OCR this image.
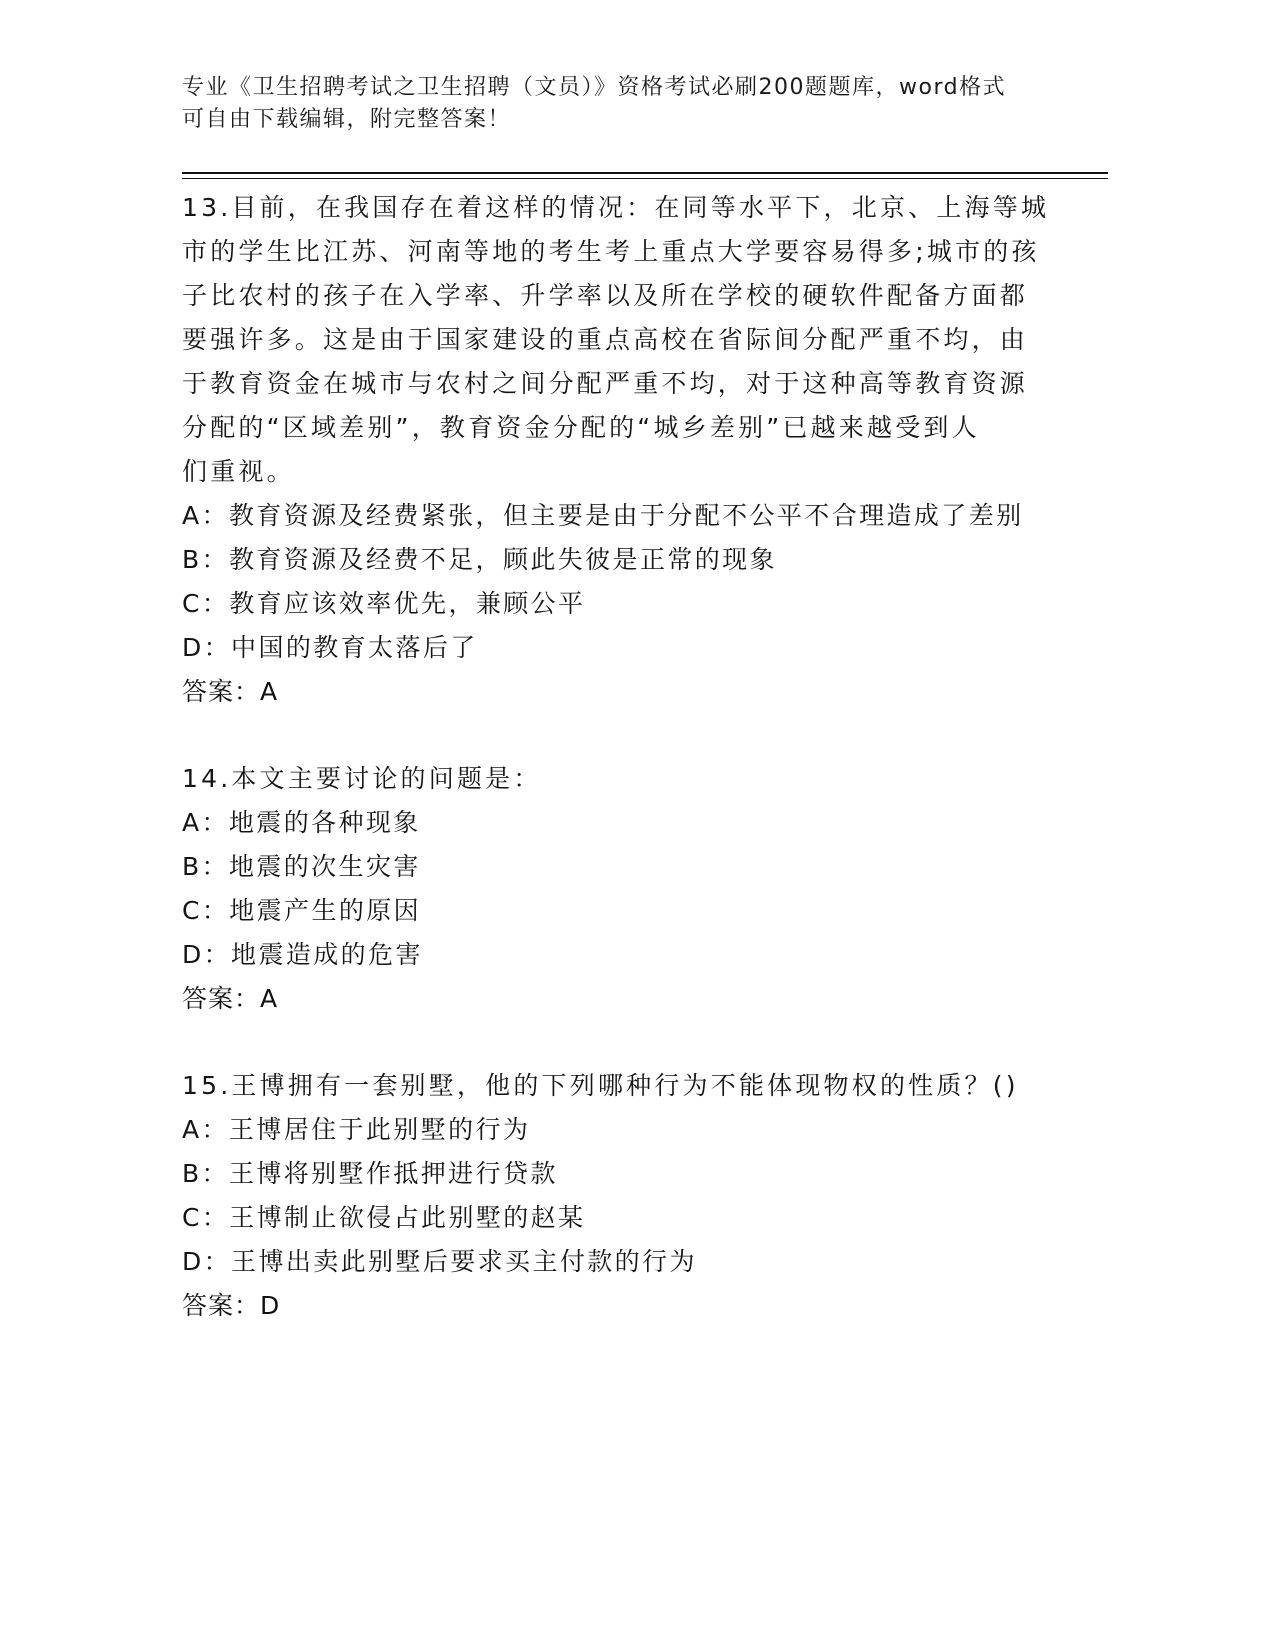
专业《卫生招聘考试之卫生招聘（文员）》资格考试必刷200题题库，word格式
可自由下载编辑，附完整答案！
13.目前，在我国存在着这样的情况：在同等水平下，北京、上海等城
市的学生比江苏、河南等地的考生考上重点大学要容易得多;城市的孩
子比农村的孩子在入学率、升学率以及所在学校的硬软件配备方面都
要强许多。这是由于国家建设的重点高校在省际间分配严重不均，由
于教育资金在城市与农村之间分配严重不均，对于这种高等教育资源
分配的“区域差别”，教育资金分配的“城乡差别”已越来越受到人
们重视。
A：教育资源及经费紧张，但主要是由于分配不公平不合理造成了差别
B：教育资源及经费不足，顾此失彼是正常的现象
C：教育应该效率优先，兼顾公平
D：中国的教育太落后了
答案：A
14.本文主要讨论的问题是：
A：地震的各种现象
B：地震的次生灾害
C：地震产生的原因
D：地震造成的危害
答案：A
15.王博拥有一套别墅，他的下列哪种行为不能体现物权的性质？()
A：王博居住于此别墅的行为
B：王博将别墅作抵押进行贷款
C：王博制止欲侵占此别墅的赵某
D：王博出卖此别墅后要求买主付款的行为
答案：D
